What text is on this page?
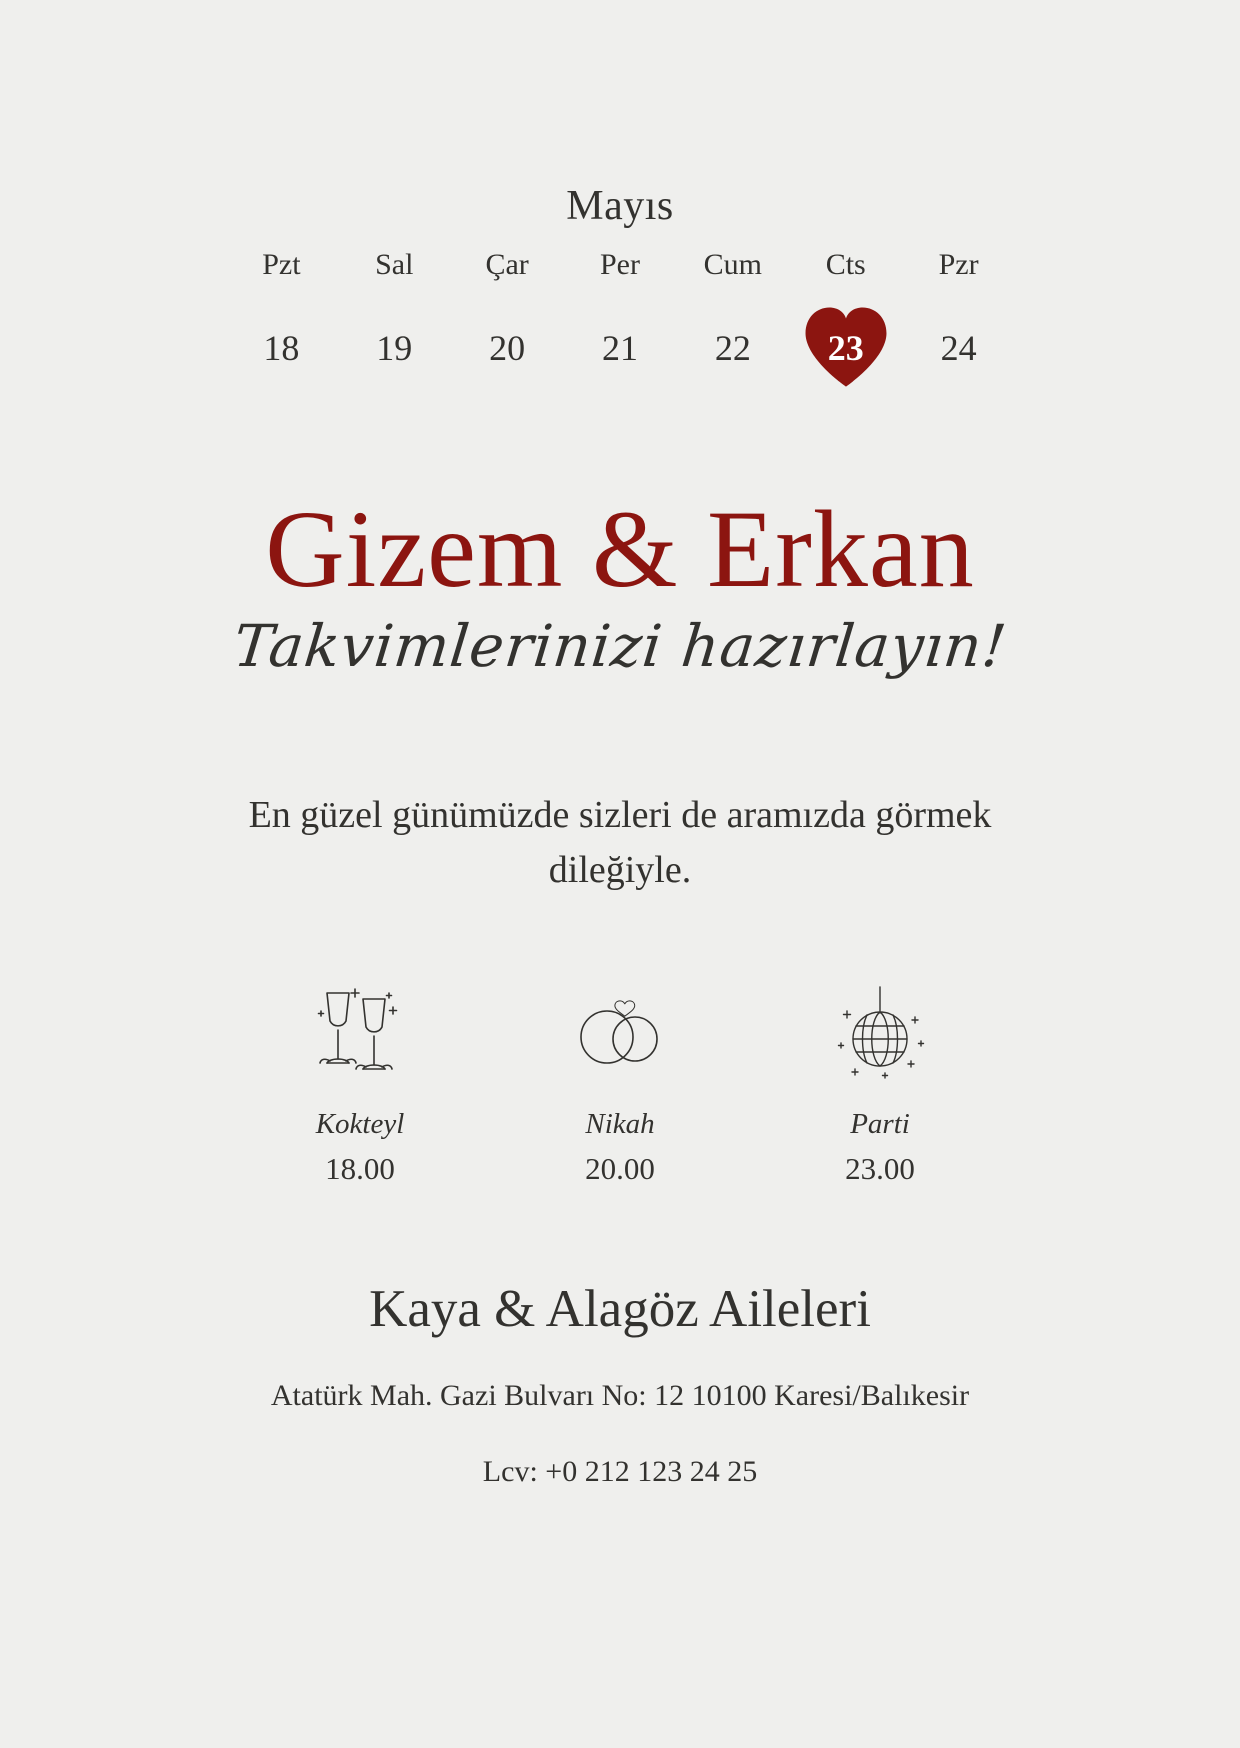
Mayıs
Pzt	Sal	Çar	Per	Cum	Cts	Pzr
18 19 20 21 22 23 24
Gizem & Erkan
Takvimlerinizi hazırlayın!
En güzel günümüzde sizleri de aramızda görmek dileğiyle.
Kokteyl
18.00
Nikah
20.00
Parti
23.00
Kaya & Alagöz Aileleri
Atatürk Mah. Gazi Bulvarı No: 12 10100 Karesi/Balıkesir
Lcv: +0 212 123 24 25
